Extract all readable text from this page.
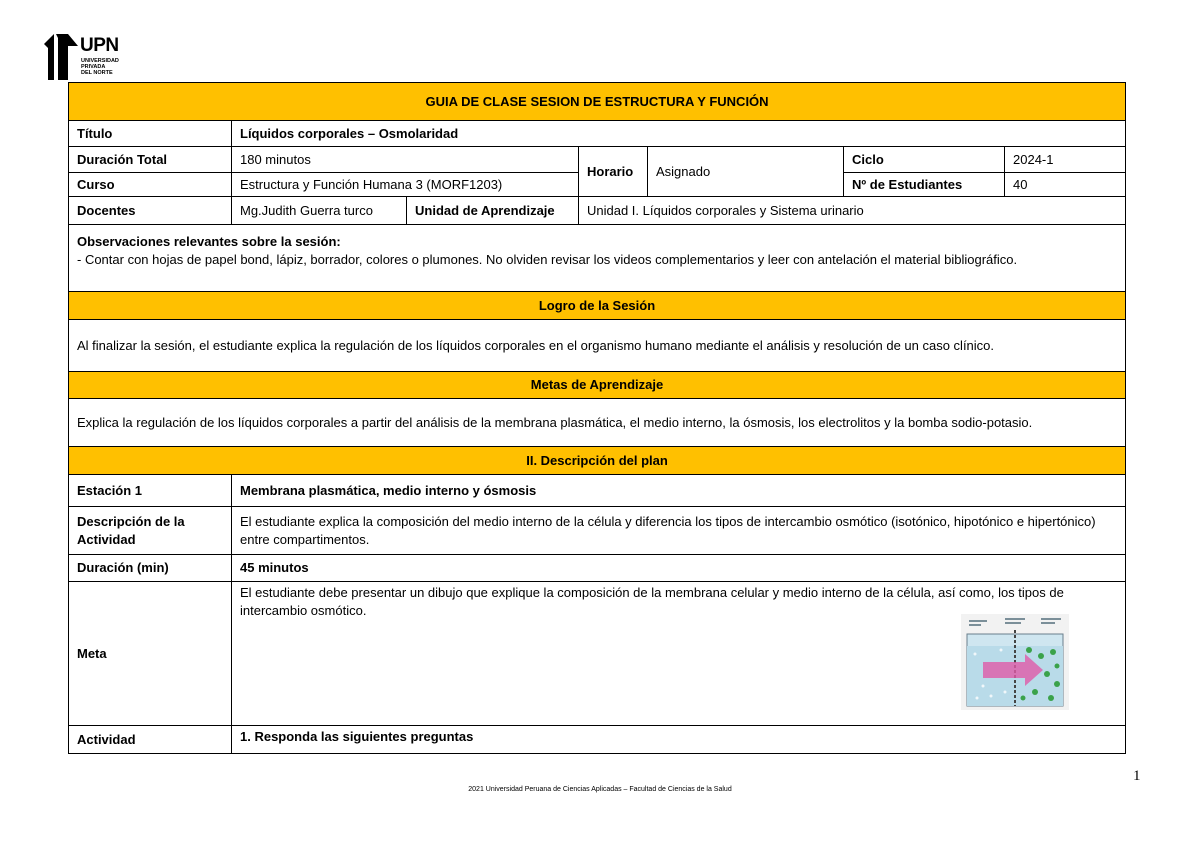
UPN
UNIVERSIDAD
PRIVADA
DEL NORTE
GUIA DE CLASE SESION DE ESTRUCTURA Y FUNCIÓN						
Título	Líquidos corporales – Osmolaridad					
Duración Total	180 minutos		Horario	Asignado	Ciclo	2024-1
Curso	Estructura y Función Humana 3 (MORF1203)				Nº de Estudiantes	40
Docentes	Mg.Judith Guerra turco	Unidad de Aprendizaje	Unidad I. Líquidos corporales y Sistema urinario			

Observaciones relevantes sobre la sesión:
- Contar con hojas de papel bond, lápiz, borrador, colores o plumones. No olviden revisar los videos complementarios y leer con antelación el material bibliográfico.						

Logro de la Sesión						
Al finalizar la sesión, el estudiante explica la regulación de los líquidos corporales en el organismo humano mediante el análisis y resolución de un caso clínico.						
Metas de Aprendizaje						
Explica la regulación de los líquidos corporales a partir del análisis de la membrana plasmática, el medio interno, la ósmosis, los electrolitos y la bomba sodio-potasio.						
II. Descripción del plan						
Estación 1	Membrana plasmática, medio interno y ósmosis					
Descripción de la Actividad	El estudiante explica la composición del medio interno de la célula y diferencia los tipos de intercambio osmótico (isotónico, hipotónico e hipertónico) entre compartimentos.					
Duración (min)	45 minutos					
Meta	El estudiante debe presentar un dibujo que explique la composición de la membrana celular y medio interno de la célula, así como, los tipos de intercambio osmótico.					

Actividad	1. Responda las siguientes preguntas					
1
2021 Universidad Peruana de Ciencias Aplicadas – Facultad de Ciencias de la Salud
